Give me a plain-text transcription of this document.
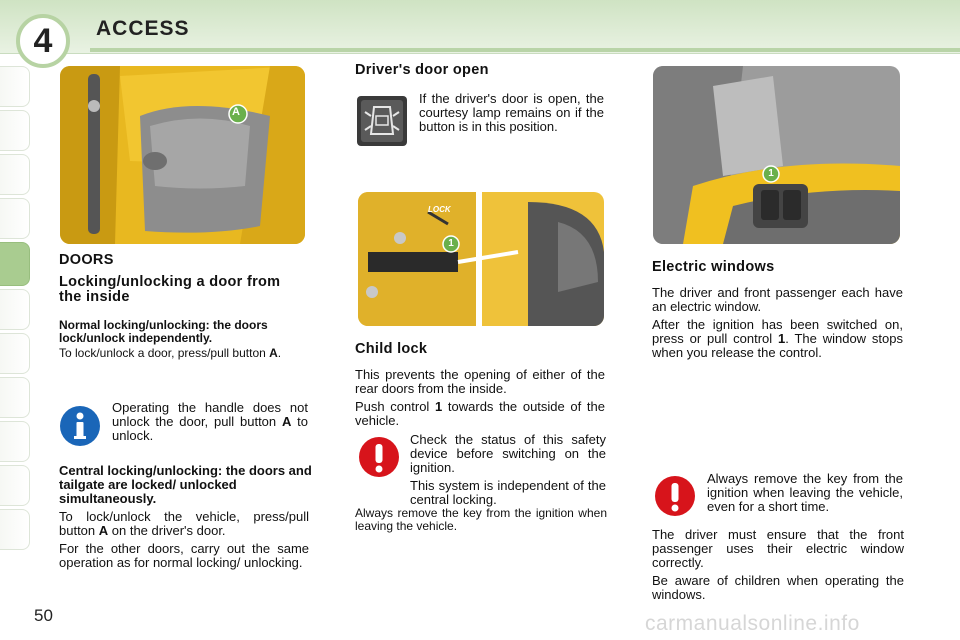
4 ACCESS
A
DOORS
Locking/unlocking a door from the inside
Normal locking/unlocking: the doors lock/unlock independently.
To lock/unlock a door, press/pull button A.
Operating the handle does not unlock the door, pull button A to unlock.
Central locking/unlocking: the doors and tailgate are locked/ unlocked simultaneously.

To lock/unlock the vehicle, press/pull button A on the driver's door.

For the other doors, carry out the same operation as for normal locking/ unlocking.

Driver's door open
If the driver's door is open, the courtesy lamp remains on if the button is in this position.
LOCK
1
Child lock

This prevents the opening of either of the rear doors from the inside.

Push control 1 towards the outside of the vehicle.

Check the status of this safety device before switching on the ignition.

This system is independent of the central locking.

Always remove the key from the ignition when leaving the vehicle.
1
Electric windows

The driver and front passenger each have an electric window.

After the ignition has been switched on, press or pull control 1. The window stops when you release the control.

Always remove the key from the ignition when leaving the vehicle, even for a short time.

The driver must ensure that the front passenger uses their electric window correctly.

Be aware of children when operating the windows.

50	carmanualsonline.info
